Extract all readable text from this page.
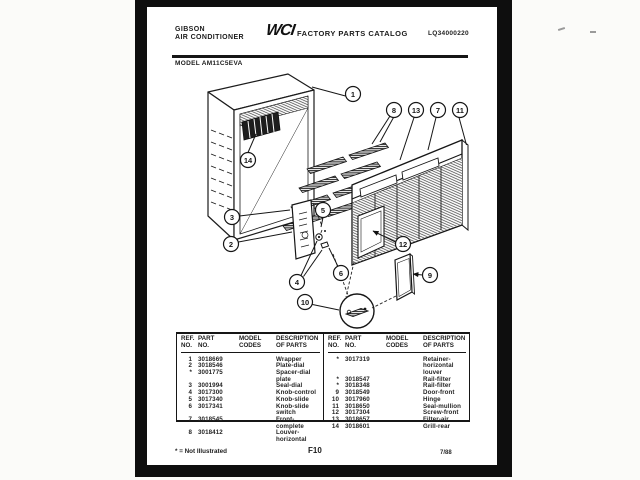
GIBSON
AIR CONDITIONER WCI FACTORY PARTS CATALOG	LQ34000220
MODEL AM11C5EVA
1
14
8 13 7 11
3
2
5
4
6
12
9
10
REF.
NO.
PART
NO.
MODEL
CODES
DESCRIPTION
OF PARTS
1 3018669	Wrapper
2 3018546	Plate-dial
* 3001775	Spacer-dial plate
3 3001994	Seal-dial
4 3017300	Knob-control
5 3017340	Knob-slide
6 3017341	Knob-slide switch
7 3018545	Front-complete
8 3018412	Louver-horizontal
REF.
NO.
PART
NO.
MODEL
CODES
DESCRIPTION
OF PARTS
* 3017319	Retainer-horizontal louver
* 3018547	Rail-filter
* 3018348	Rail-filter
9 3018549	Door-front
10 3017960	Hinge
11 3018650	Seal-mullion
12 3017304	Screw-front
13 3018657	Filter-air
14 3018601	Grill-rear
* = Not Illustrated	F10	7/88
